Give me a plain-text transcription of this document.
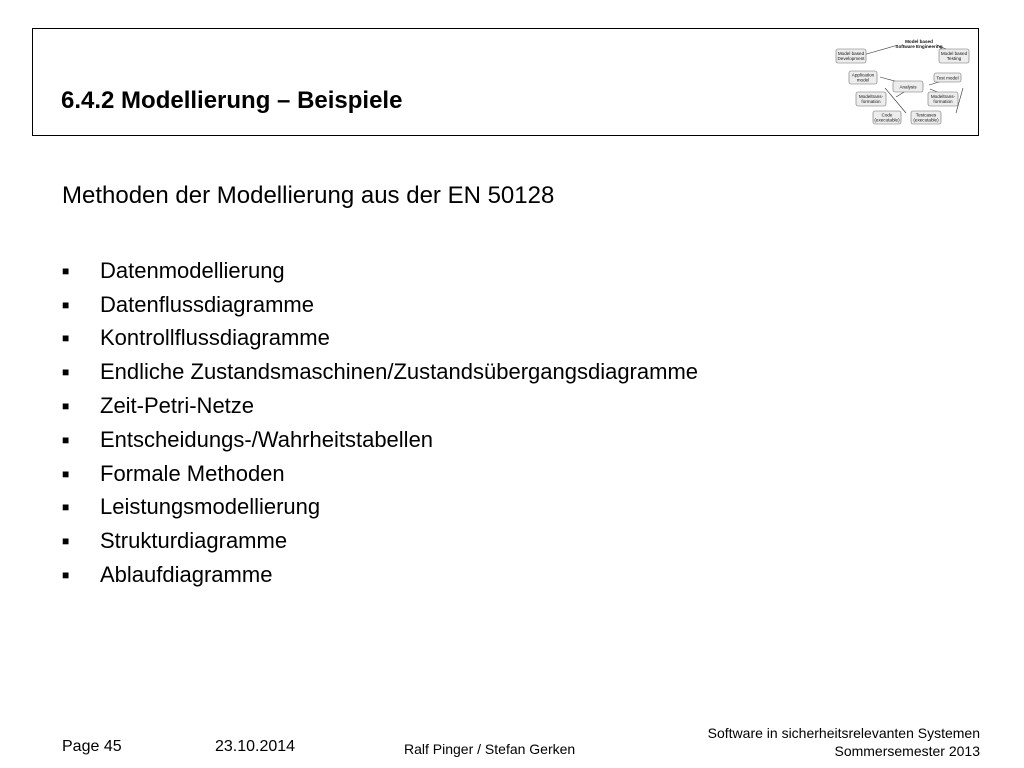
6.4.2 Modellierung – Beispiele
Model based
Software Engineering
Model based
Development
Model based
Testing
Application
model	Test model
Analysis
Modeltrans-
formation
Modeltrans-
formation
Code
(executable)
Testcases
(executable)
Methoden der Modellierung aus der EN 50128
■	Datenmodellierung
■	Datenflussdiagramme
■	Kontrollflussdiagramme
■	Endliche Zustandsmaschinen/Zustandsübergangsdiagramme
■	Zeit-Petri-Netze
■	Entscheidungs-/Wahrheitstabellen
■	Formale Methoden
■	Leistungsmodellierung
■	Strukturdiagramme
■	Ablaufdiagramme
Page 45	23.10.2014	Ralf Pinger / Stefan Gerken
Software in sicherheitsrelevanten Systemen
Sommersemester 2013
